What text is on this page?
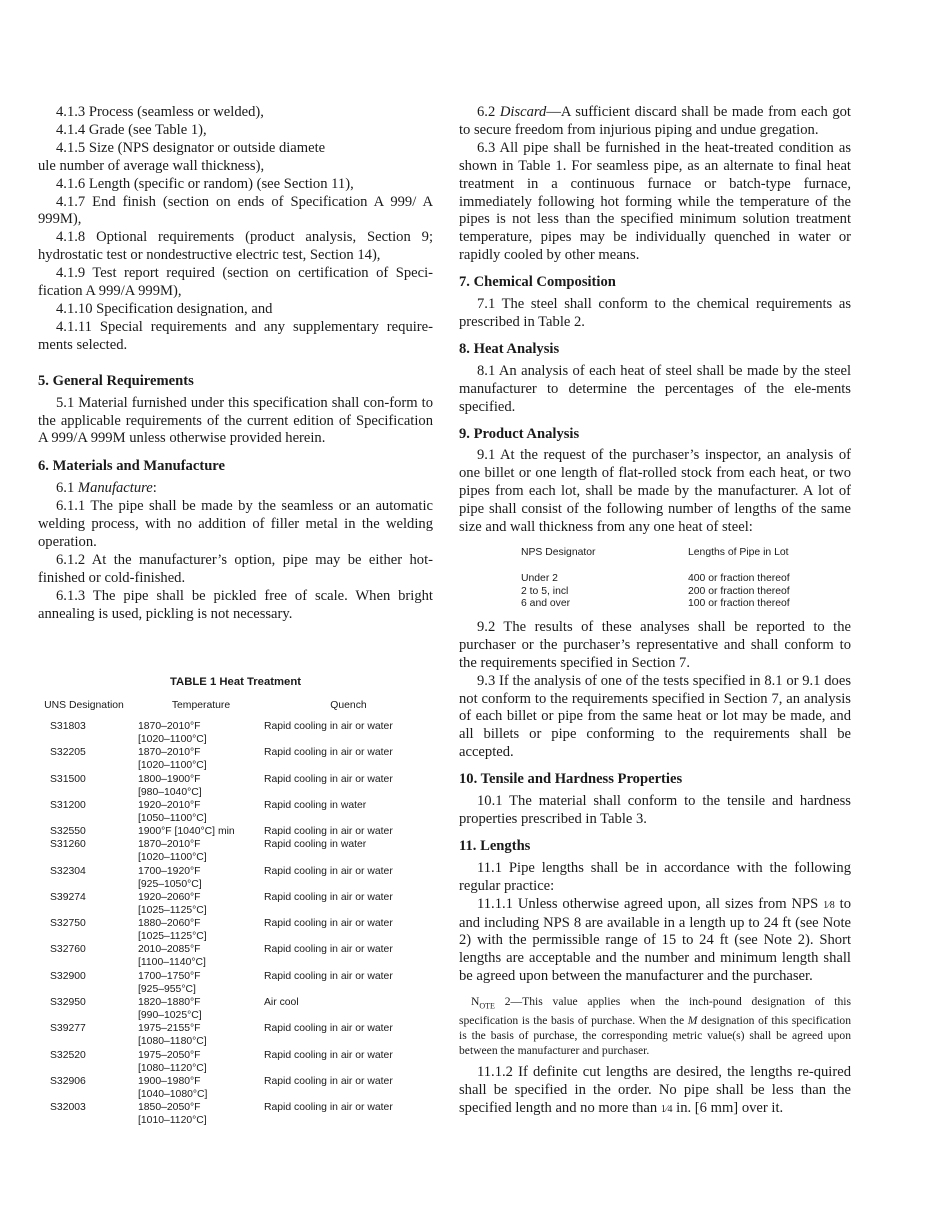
4.1.3 Process (seamless or welded),

4.1.4 Grade (see Table 1),

4.1.5 Size (NPS designator or outside diamete

ule number of average wall thickness),

4.1.6 Length (specific or random) (see Section 11),

4.1.7 End finish (section on ends of Specification A 999/ A 999M),

4.1.8 Optional requirements (product analysis, Section 9; hydrostatic test or nondestructive electric test, Section 14),

4.1.9 Test report required (section on certification of Speci-fication A 999/A 999M),

4.1.10 Specification designation, and

4.1.11 Special requirements and any supplementary require-ments selected.

5. General Requirements

5.1 Material furnished under this specification shall con-form to the applicable requirements of the current edition of Specification A 999/A 999M unless otherwise provided herein.

6. Materials and Manufacture

6.1 Manufacture:

6.1.1 The pipe shall be made by the seamless or an automatic welding process, with no addition of filler metal in the welding operation.

6.1.2 At the manufacturer’s option, pipe may be either hot-finished or cold-finished.

6.1.3 The pipe shall be pickled free of scale. When bright annealing is used, pickling is not necessary.

TABLE 1 Heat Treatment
UNS Designation	Temperature	Quench
S31803	1870–2010°F
[1020–1100°C]	Rapid cooling in air or water
S32205	1870–2010°F
[1020–1100°C]	Rapid cooling in air or water
S31500	1800–1900°F
[980–1040°C]	Rapid cooling in air or water
S31200	1920–2010°F
[1050–1100°C]	Rapid cooling in water
S32550	1900°F [1040°C] min	Rapid cooling in air or water
S31260	1870–2010°F
[1020–1100°C]	Rapid cooling in water
S32304	1700–1920°F
[925–1050°C]	Rapid cooling in air or water
S39274	1920–2060°F
[1025–1125°C]	Rapid cooling in air or water
S32750	1880–2060°F
[1025–1125°C]	Rapid cooling in air or water
S32760	2010–2085°F
[1100–1140°C]	Rapid cooling in air or water
S32900	1700–1750°F
[925–955°C]	Rapid cooling in air or water
S32950	1820–1880°F
[990–1025°C]	Air cool
S39277	1975–2155°F
[1080–1180°C]	Rapid cooling in air or water
S32520	1975–2050°F
[1080–1120°C]	Rapid cooling in air or water
S32906	1900–1980°F
[1040–1080°C]	Rapid cooling in air or water
S32003	1850–2050°F
[1010–1120°C]	Rapid cooling in air or water

6.2 Discard—A sufficient discard shall be made from each got to secure freedom from injurious piping and undue gregation.

6.3 All pipe shall be furnished in the heat-treated condition as shown in Table 1. For seamless pipe, as an alternate to final heat treatment in a continuous furnace or batch-type furnace, immediately following hot forming while the temperature of the pipes is not less than the specified minimum solution treatment temperature, pipes may be individually quenched in water or rapidly cooled by other means.

7. Chemical Composition

7.1 The steel shall conform to the chemical requirements as prescribed in Table 2.

8. Heat Analysis

8.1 An analysis of each heat of steel shall be made by the steel manufacturer to determine the percentages of the ele-ments specified.

9. Product Analysis

9.1 At the request of the purchaser’s inspector, an analysis of one billet or one length of flat-rolled stock from each heat, or two pipes from each lot, shall be made by the manufacturer. A lot of pipe shall consist of the following number of lengths of the same size and wall thickness from any one heat of steel:

NPS Designator	Lengths of Pipe in Lot
Under 2	400 or fraction thereof
2 to 5, incl	200 or fraction thereof
6 and over	100 or fraction thereof

9.2 The results of these analyses shall be reported to the purchaser or the purchaser’s representative and shall conform to the requirements specified in Section 7.

9.3 If the analysis of one of the tests specified in 8.1 or 9.1 does not conform to the requirements specified in Section 7, an analysis of each billet or pipe from the same heat or lot may be made, and all billets or pipe conforming to the requirements shall be accepted.

10. Tensile and Hardness Properties

10.1 The material shall conform to the tensile and hardness properties prescribed in Table 3.

11. Lengths

11.1 Pipe lengths shall be in accordance with the following regular practice:

11.1.1 Unless otherwise agreed upon, all sizes from NPS 1⁄8 to and including NPS 8 are available in a length up to 24 ft (see Note 2) with the permissible range of 15 to 24 ft (see Note 2). Short lengths are acceptable and the number and minimum length shall be agreed upon between the manufacturer and the purchaser.

$N_{OTE}$ 2—This value applies when the inch-pound designation of this specification is the basis of purchase. When the M designation of this specification is the basis of purchase, the corresponding metric value(s) shall be agreed upon between the manufacturer and purchaser.

11.1.2 If definite cut lengths are desired, the lengths re-quired shall be specified in the order. No pipe shall be less than the specified length and no more than 1⁄4 in. [6 mm] over it.
